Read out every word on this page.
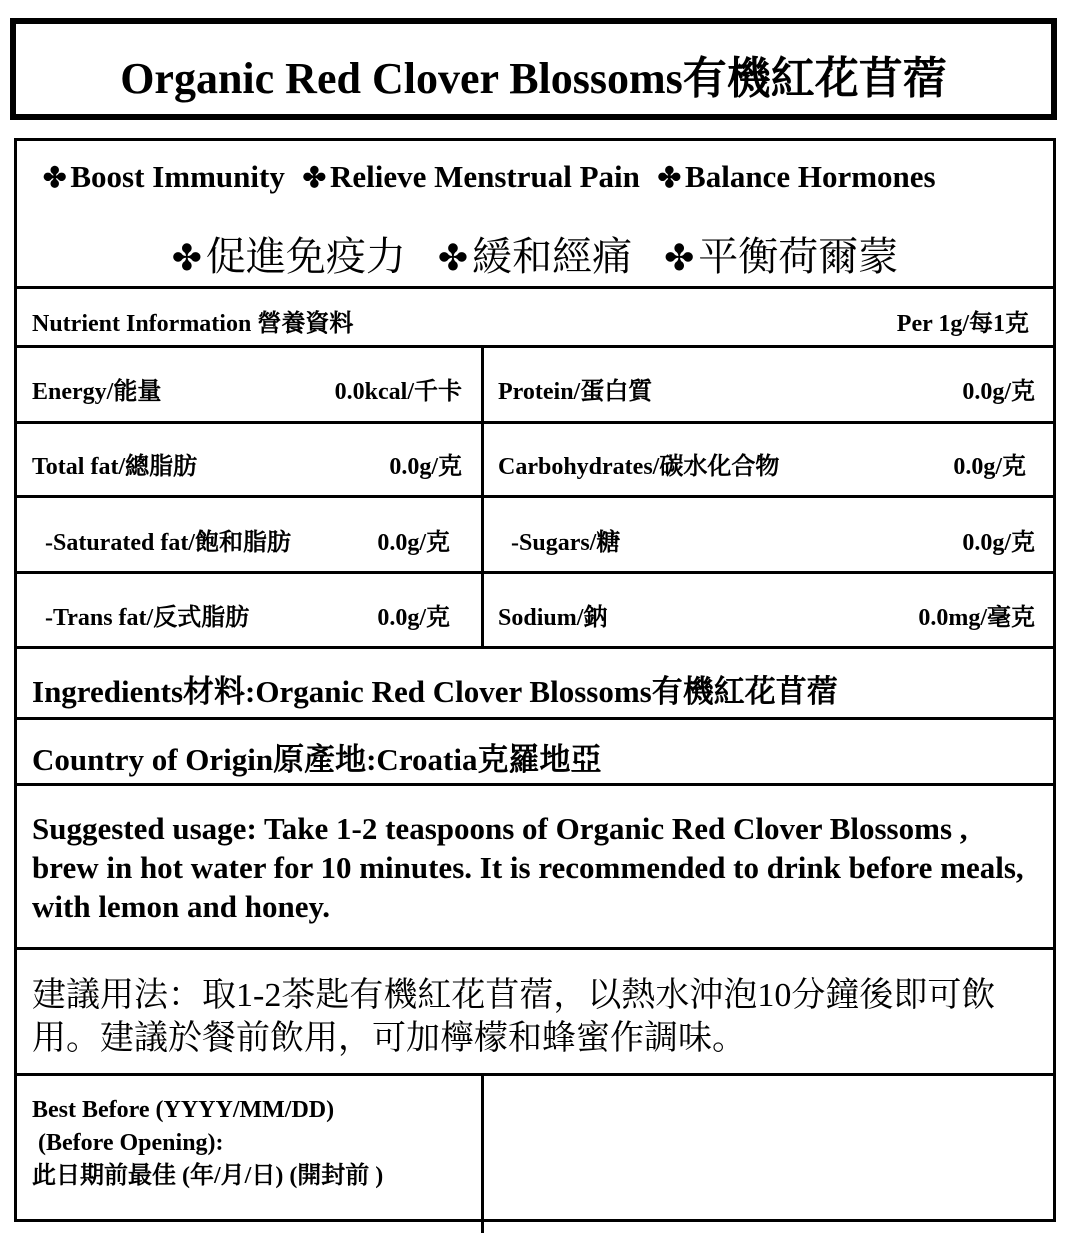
Organic Red Clover Blossoms有機紅花苜蓿
✤ Boost Immunity ✤ Relieve Menstrual Pain ✤ Balance Hormones
✤ 促進免疫力 ✤ 緩和經痛 ✤ 平衡荷爾蒙
Nutrient Information 營養資料	Per 1g/每1克
Energy/能量	0.0kcal/千卡 Protein/蛋白質	0.0g/克
Total fat/總脂肪	0.0g/克 Carbohydrates/碳水化合物	0.0g/克
-Saturated fat/飽和脂肪	0.0g/克	-Sugars/糖	0.0g/克
-Trans fat/反式脂肪	0.0g/克 Sodium/鈉	0.0mg/毫克
Ingredients材料:Organic Red Clover Blossoms有機紅花苜蓿
Country of Origin原產地:Croatia克羅地亞
Suggested usage: Take 1-2 teaspoons of Organic Red Clover Blossoms , brew in hot water for 10 minutes. It is recommended to drink before meals, with lemon and honey.
建議用法：取1-2茶匙有機紅花苜蓿，以熱水沖泡10分鐘後即可飲用。建議於餐前飲用，可加檸檬和蜂蜜作調味。
Best Before (YYYY/MM/DD)
(Before Opening):
此日期前最佳 (年/月/日) (開封前 )
